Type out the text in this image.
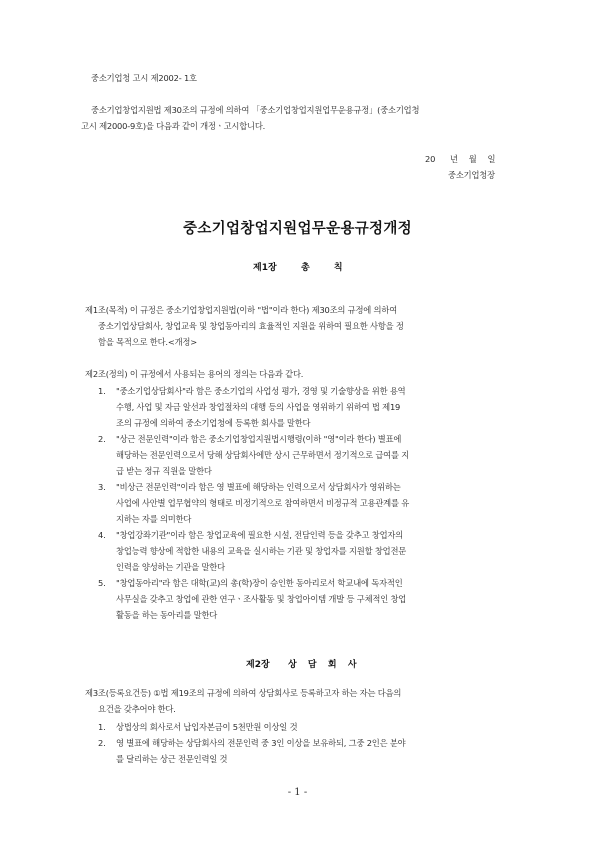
중소기업청 고시 제2002- 1호
중소기업창업지원법 제30조의 규정에 의하여 「중소기업창업지원업무운용규정」(중소기업청
고시 제2000-9호)을 다음과 같이 개정ㆍ고시합니다.
20 년 월 일
중소기업청장
중소기업창업지원업무운용규정개정
제1장	총	칙
제1조(목적) 이 규정은 중소기업창업지원법(이하 "법"이라 한다) 제30조의 규정에 의하여
중소기업상담회사, 창업교육 및 창업동아리의 효율적인 지원을 위하여 필요한 사항을 정
함을 목적으로 한다.<개정>
제2조(정의) 이 규정에서 사용되는 용어의 정의는 다음과 같다.
1. "중소기업상담회사"라 함은 중소기업의 사업성 평가, 경영 및 기술향상을 위한 용역
수행, 사업 및 자금 알선과 창업절차의 대행 등의 사업을 영위하기 위하여 법 제19
조의 규정에 의하여 중소기업청에 등록한 회사를 말한다
2. "상근 전문인력"이라 함은 중소기업창업지원법시행령(이하 "영"이라 한다) 별표에
해당하는 전문인력으로서 당해 상담회사에만 상시 근무하면서 정기적으로 급여를 지
급 받는 정규 직원을 말한다
3. "비상근 전문인력"이라 함은 영 별표에 해당하는 인력으로서 상담회사가 영위하는
사업에 사안별 업무협약의 형태로 비정기적으로 참여하면서 비정규적 고용관계를 유
지하는 자를 의미한다
4. "창업강좌기관"이라 함은 창업교육에 필요한 시설, 전담인력 등을 갖추고 창업자의
창업능력 향상에 적합한 내용의 교육을 실시하는 기관 및 창업자를 지원할 창업전문
인력을 양성하는 기관을 말한다
5. "창업동아리"라 함은 대학(교)의 총(학)장이 승인한 동아리로서 학교내에 독자적인
사무실을 갖추고 창업에 관한 연구ㆍ조사활동 및 창업아이템 개발 등 구체적인 창업
활동을 하는 동아리를 말한다
제2장 상 담 회 사
제3조(등록요건등) ①법 제19조의 규정에 의하여 상담회사로 등록하고자 하는 자는 다음의
요건을 갖추어야 한다.
1. 상법상의 회사로서 납입자본금이 5천만원 이상일 것
2. 영 별표에 해당하는 상담회사의 전문인력 중 3인 이상을 보유하되, 그중 2인은 분야
를 달리하는 상근 전문인력일 것
- 1 -
